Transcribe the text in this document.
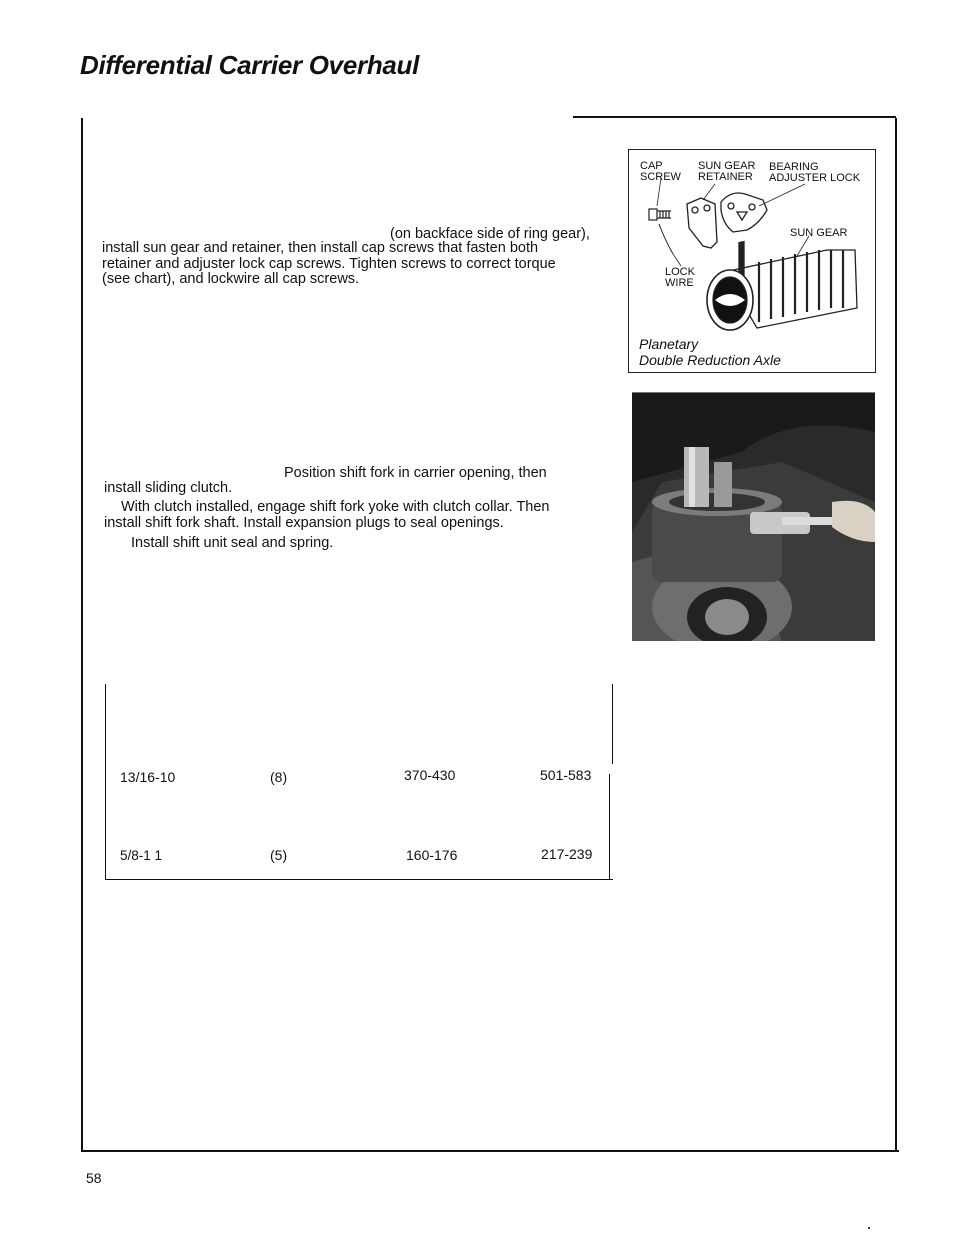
Differential Carrier Overhaul
(on backface side of ring gear),
install sun gear and retainer, then install cap screws that fasten both
retainer and adjuster lock cap screws. Tighten screws to correct torque
(see chart), and lockwire all cap screws.
CAP
SCREW
SUN GEAR
RETAINER
BEARING
ADJUSTER LOCK
SUN GEAR
LOCK
WIRE
Planetary
Double Reduction Axle
Position shift fork in carrier opening, then
install sliding clutch.
With clutch installed, engage shift fork yoke with clutch collar. Then
install shift fork shaft. Install expansion plugs to seal openings.
Install shift unit seal and spring.
13/16-10	(8)	370-430	501-583
5/8-1 1	(5)	160-176	217-239
58
